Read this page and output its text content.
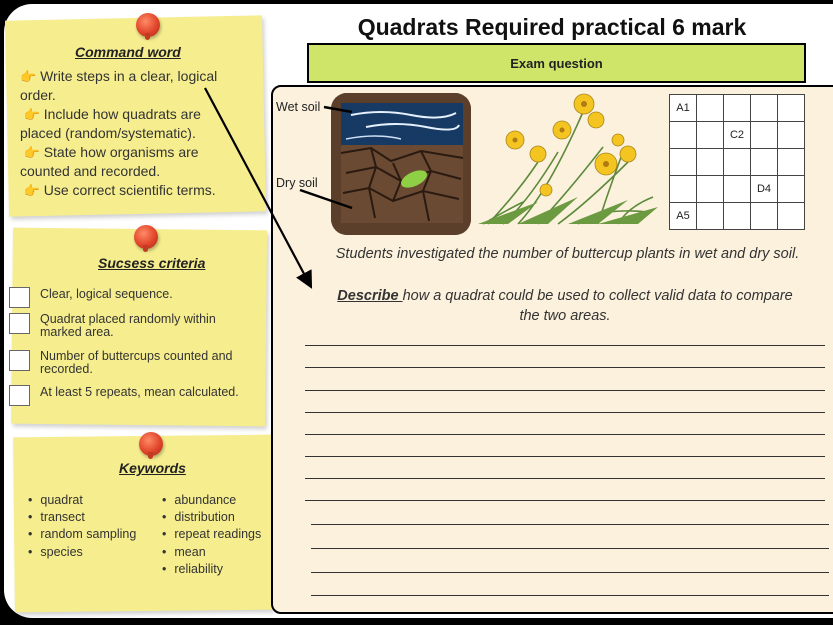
Command word
👉 Write steps in a clear, logical
order.
👉 Include how quadrats are
placed (random/systematic).
👉 State how organisms are
counted and recorded.
👉 Use correct scientific terms.
Sucsess criteria
Clear, logical sequence.
Quadrat placed randomly within
marked area.
Number of buttercups counted and
recorded.
At least 5 repeats, mean calculated.
Keywords
• quadrat
• transect
• random sampling
• species
• abundance
• distribution
• repeat readings
• mean
• reliability
Quadrats Required practical 6 mark
Exam question
Wet soil
Dry soil
A1				
		C2		

			D4	
A5				
Students investigated the number of buttercup plants in wet and dry soil.
Describe how a quadrat could be used to collect valid data to compare
the two areas.
